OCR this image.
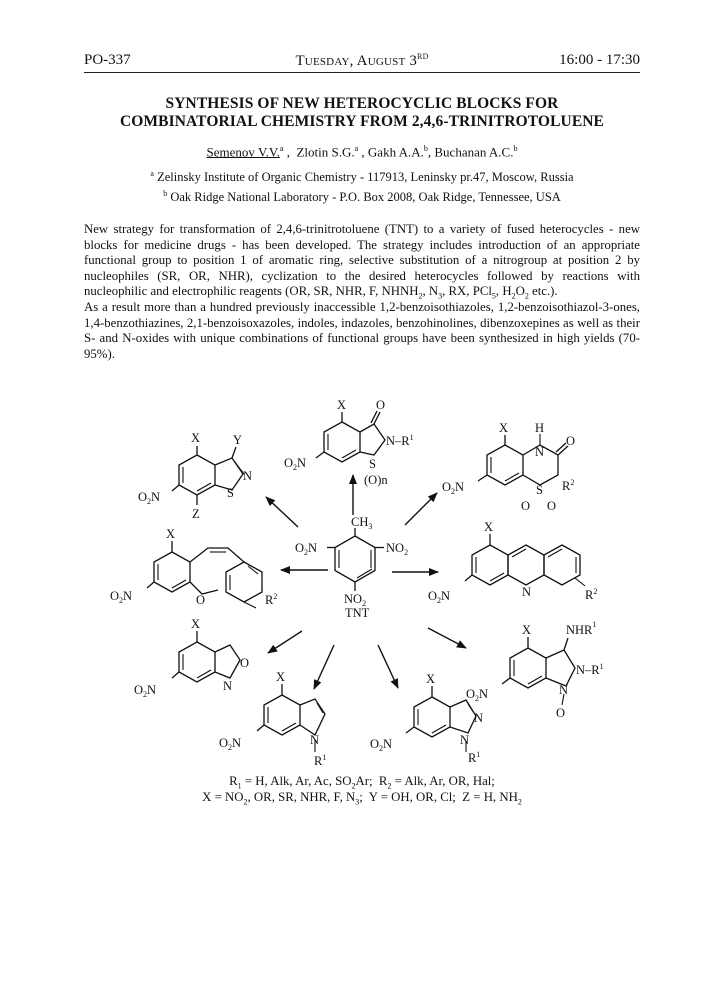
PO-337	Tuesday, August 3RD	16:00 - 17:30
SYNTHESIS OF NEW HETEROCYCLIC BLOCKS FOR
COMBINATORIAL CHEMISTRY FROM 2,4,6-TRINITROTOLUENE
Semenov V.V.$^a$ ,  Zlotin S.G.$^a$ , Gakh A.A.$^b$, Buchanan A.C.$^b$
$^a$ Zelinsky Institute of Organic Chemistry - 117913, Leninsky pr.47, Moscow, Russia
$^b$ Oak Ridge National Laboratory - P.O. Box 2008, Oak Ridge, Tennessee, USA

New strategy for transformation of 2,4,6-trinitrotoluene (TNT) to a variety of fused heterocycles - new blocks for medicine drugs - has been developed. The strategy includes introduction of an appropriate functional group to position 1 of aromatic ring, selective substitution of a nitrogroup at position 2 by nucleophiles (SR, OR, NHR), cyclization to the desired heterocycles followed by reactions with nucleophilic and electrophilic reagents (OR, SR, NHR, F, $NHNH_2$, $N_3$, RX, PCl$_5$, $H_2O_2$ etc.).

As a result more than a hundred previously inaccessible 1,2-benzoisothiazoles, 1,2-benzoisothiazol-3-ones, 1,4-benzothiazines, 2,1-benzoisoxazoles, indoles, indazoles, benzohinolines, dibenzoxepines as well as their S- and N-oxides with unique combinations of functional groups have been synthesized in high yields (70-95%).

$CH_3$
$O_2N$	$NO_2$
$NO_2$
TNT
X	Y
N
S
$O_2N$
Z
X O
$N-R^1$
S
(O)n
$O_2N$
X H
N
O
S
O O
$R^2$
$O_2N$
X
O	$R^2$
$O_2N$
X
N	$R^2$
$O_2N$
X
O
N
$O_2N$
X
N
$R^1$
$O_2N$
X
N
N
$R^1$
$O_2N$
X	NHR$^1$
$N-R^1$
N
O
$O_2N$
$R_1 = H$, Alk, Ar, Ac, $SO_2Ar$;  $R_2$ = Alk, Ar, OR, Hal;
$X = NO_2$, OR, SR, NHR, F, $N_3$;  Y = OH, OR, Cl;  Z = H, $NH_2$
